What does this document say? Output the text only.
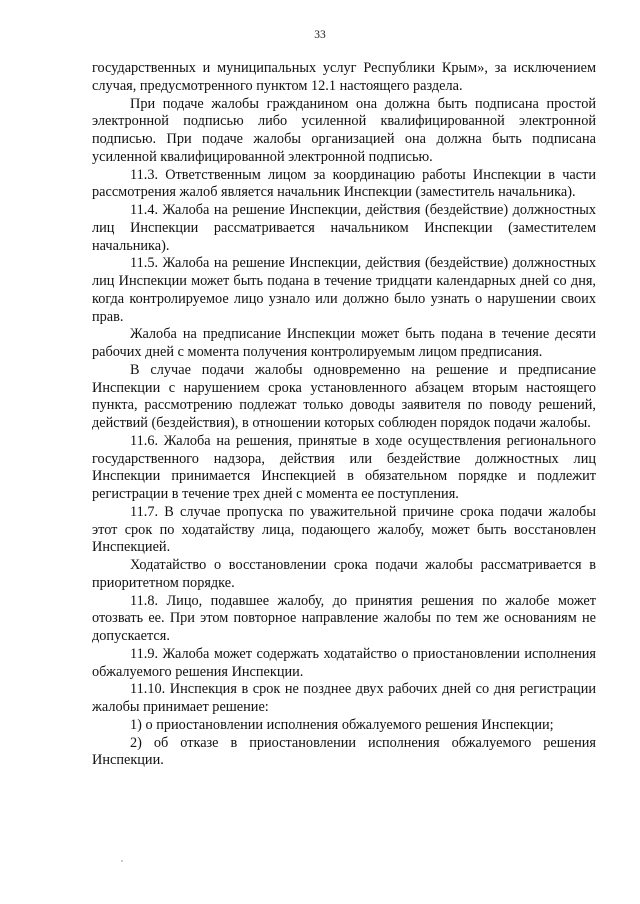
33

государственных и муниципальных услуг Республики Крым», за исключением случая, предусмотренного пунктом 12.1 настоящего раздела.

При подаче жалобы гражданином она должна быть подписана простой электронной подписью либо усиленной квалифицированной электронной подписью. При подаче жалобы организацией она должна быть подписана усиленной квалифицированной электронной подписью.

11.3. Ответственным лицом за координацию работы Инспекции в части рассмотрения жалоб является начальник Инспекции (заместитель начальника).

11.4. Жалоба на решение Инспекции, действия (бездействие) должностных лиц Инспекции рассматривается начальником Инспекции (заместителем начальника).

11.5. Жалоба на решение Инспекции, действия (бездействие) должностных лиц Инспекции может быть подана в течение тридцати календарных дней со дня, когда контролируемое лицо узнало или должно было узнать о нарушении своих прав.

Жалоба на предписание Инспекции может быть подана в течение десяти рабочих дней с момента получения контролируемым лицом предписания.

В случае подачи жалобы одновременно на решение и предписание Инспекции с нарушением срока установленного абзацем вторым настоящего пункта, рассмотрению подлежат только доводы заявителя по поводу решений, действий (бездействия), в отношении которых соблюден порядок подачи жалобы.

11.6. Жалоба на решения, принятые в ходе осуществления регионального государственного надзора, действия или бездействие должностных лиц Инспекции принимается Инспекцией в обязательном порядке и подлежит регистрации в течение трех дней с момента ее поступления.

11.7. В случае пропуска по уважительной причине срока подачи жалобы этот срок по ходатайству лица, подающего жалобу, может быть восстановлен Инспекцией.

Ходатайство о восстановлении срока подачи жалобы рассматривается в приоритетном порядке.

11.8. Лицо, подавшее жалобу, до принятия решения по жалобе может отозвать ее. При этом повторное направление жалобы по тем же основаниям не допускается.

11.9. Жалоба может содержать ходатайство о приостановлении исполнения обжалуемого решения Инспекции.

11.10. Инспекция в срок не позднее двух рабочих дней со дня регистрации жалобы принимает решение:

1) о приостановлении исполнения обжалуемого решения Инспекции;

2) об отказе в приостановлении исполнения обжалуемого решения Инспекции.
